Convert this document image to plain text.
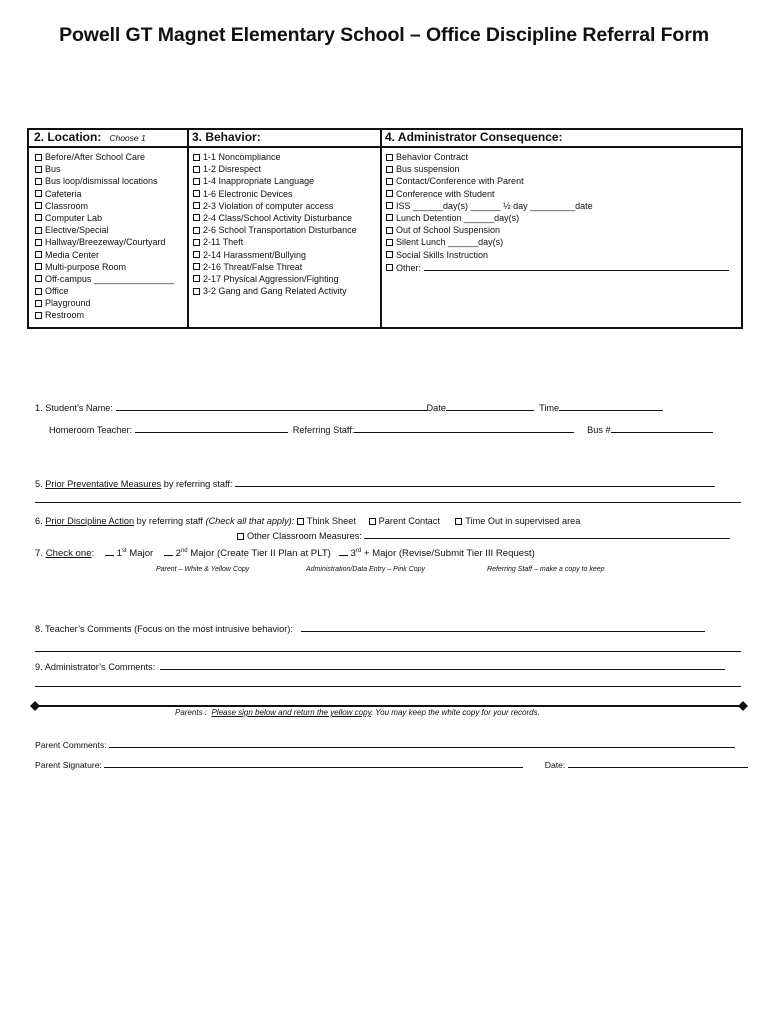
Powell GT Magnet Elementary School – Office Discipline Referral Form
2. Location: Choose 1
Before/After School Care
Bus
Bus loop/dismissal locations
Cafeteria
Classroom
Computer Lab
Elective/Special
Hallway/Breezeway/Courtyard
Media Center
Multi-purpose Room
Off-campus ________________
Office
Playground
Restroom
3. Behavior:
1-1 Noncompliance
1-2 Disrespect
1-4 Inappropriate Language
1-6 Electronic Devices
2-3 Violation of computer access
2-4 Class/School Activity Disturbance
2-6 School Transportation Disturbance
2-11 Theft
2-14 Harassment/Bullying
2-16 Threat/False Threat
2-17 Physical Aggression/Fighting
3-2 Gang and Gang Related Activity
4. Administrator Consequence:
Behavior Contract
Bus suspension
Contact/Conference with Parent
Conference with Student
ISS ______day(s) ______ ½ day _________date
Lunch Detention ______day(s)
Out of School Suspension
Silent Lunch ______day(s)
Social Skills Instruction
Other:
1. Student’s Name:	Date	Time
Homeroom Teacher:	Referring Staff:	Bus #
5. Prior Preventative Measures by referring staff:
6. Prior Discipline Action by referring staff (Check all that apply): Think Sheet Parent Contact	Time Out in supervised area
Other Classroom Measures:
7. Check one:     1st Major 2nd Major (Create Tier II Plan at PLT) 3rd + Major (Revise/Submit Tier III Request)
Parent – White & Yellow Copy	Administration/Data Entry – Pink Copy	Referring Staff – make a copy to keep
8. Teacher’s Comments (Focus on the most intrusive behavior):
9. Administrator’s Comments:
Parents : Please sign below and return the yellow copy. You may keep the white copy for your records.
Parent Comments:
Parent Signature:	Date:
